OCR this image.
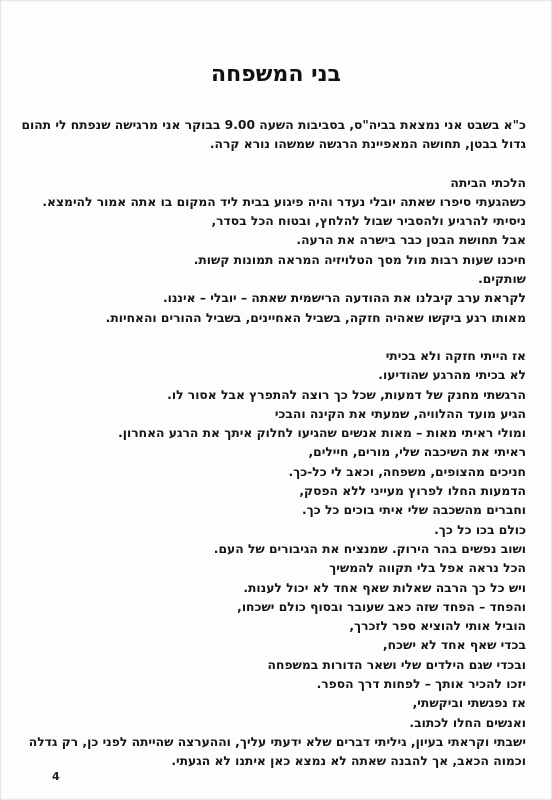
בני המשפחה
כ"א בשבט אני נמצאת בביה"ס, בסביבות השעה 9.00 בבוקר אני מרגישה שנפתח לי תהום
גדול בבטן, תחושה המאפיינת הרגשה שמשהו נורא קרה.
הלכתי הביתה
כשהגעתי סיפרו שאתה יובלי נעדר והיה פיגוע בבית ליד המקום בו אתה אמור להימצא.
ניסיתי להרגיע ולהסביר שבול להלחץ, ובטוח הכל בסדר,
אבל תחושת הבטן כבר בישרה את הרעה.
חיכנו שעות רבות מול מסך הטלויזיה המראה תמונות קשות.
שותקים.
לקראת ערב קיבלנו את ההודעה הרישמית שאתה – יובלי – איננו.
מאותו רגע ביקשו שאהיה חזקה, בשביל האחיינים, בשביל ההורים והאחיות.
אז הייתי חזקה ולא בכיתי
לא בכיתי מהרגע שהודיעו.
הרגשתי מחנק של דמעות, שכל כך רוצה להתפרץ אבל אסור לו.
הגיע מועד ההלוויה, שמעתי את הקינה והבכי
ומולי ראיתי מאות – מאות אנשים שהגיעו לחלוק איתך את הרגע האחרון.
ראיתי את השיכבה שלי, מורים, חיילים,
חניכים מהצופים, משפחה, וכאב לי כל-כך.
הדמעות החלו לפרוץ מעייני ללא הפסק,
וחברים מהשכבה שלי איתי בוכים כל כך.
כולם בכו כל כך.
ושוב נפשים בהר הירוק. שמנציח את הגיבורים של העם.
הכל נראה אפל בלי תקווה להמשיך
ויש כל כך הרבה שאלות שאף אחד לא יכול לענות.
והפחד – הפחד שזה כאב שעובר ובסוף כולם ישכחו,
הוביל אותי להוציא ספר לזכרך,
בכדי שאף אחד לא ישכח,
ובכדי שגם הילדים שלי ושאר הדורות במשפחה
יזכו להכיר אותך – לפחות דרך הספר.
אז נפגשתי וביקשתי,
ואנשים החלו לכתוב.
ישבתי וקראתי בעיון, גיליתי דברים שלא ידעתי עליך, וההערצה שהייתה לפני כן, רק גדלה
וכמוה הכאב, אך להבנה שאתה לא נמצא כאן איתנו לא הגעתי.
4
